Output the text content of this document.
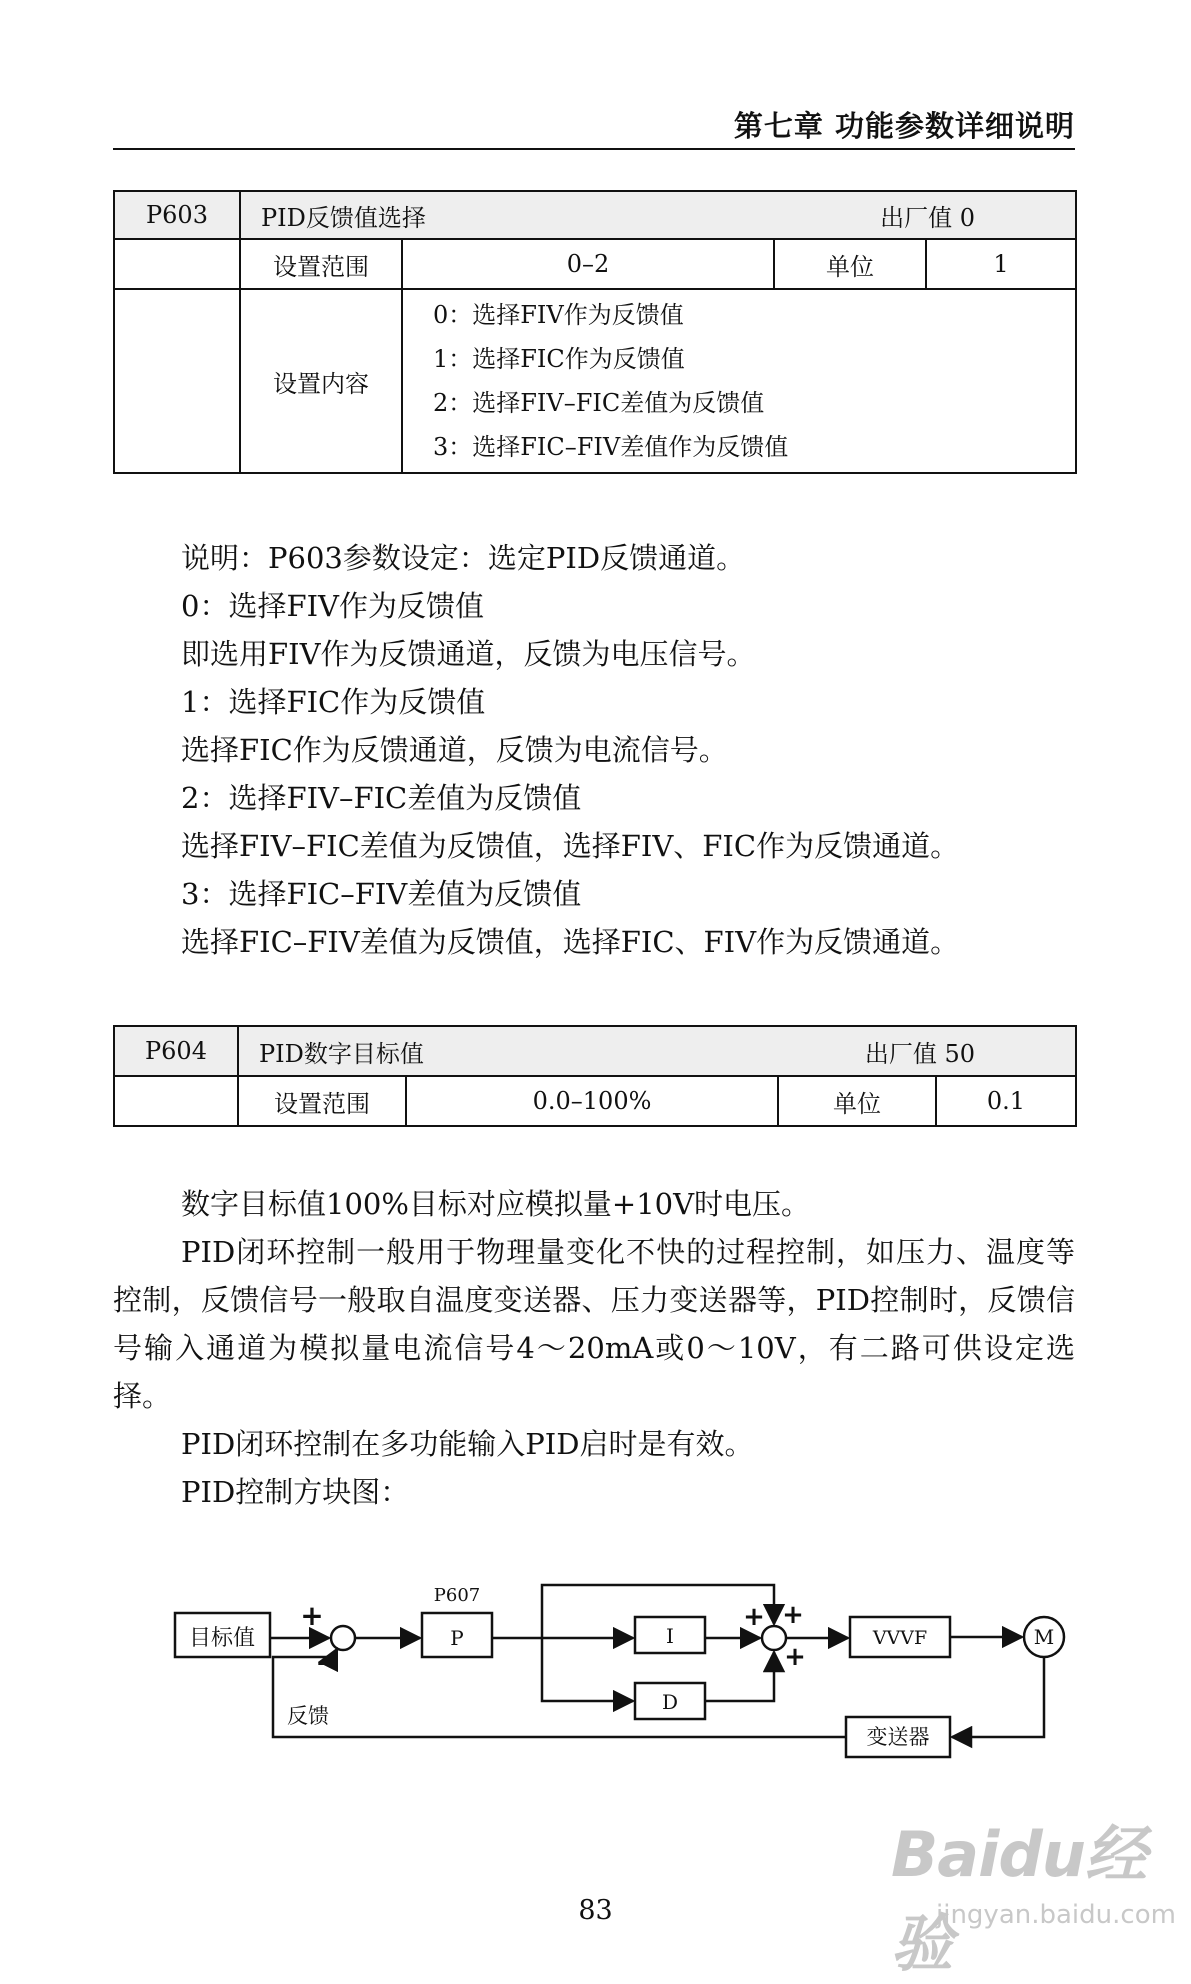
第七章 功能参数详细说明
P603	PID反馈值选择 出厂值 0			

	设置范围	0–2	单位	1
	设置内容	0：选择FIV作为反馈值
1：选择FIC作为反馈值
2：选择FIV–FIC差值为反馈值
3：选择FIC–FIV差值作为反馈值		

说明：P603参数设定：选定PID反馈通道。

0：选择FIV作为反馈值

即选用FIV作为反馈通道，反馈为电压信号。

1：选择FIC作为反馈值

选择FIC作为反馈通道，反馈为电流信号。

2：选择FIV–FIC差值为反馈值

选择FIV–FIC差值为反馈值，选择FIV、FIC作为反馈通道。

3：选择FIC–FIV差值为反馈值

选择FIC–FIV差值为反馈值，选择FIC、FIV作为反馈通道。

P604	PID数字目标值 出厂值 50			

	设置范围	0.0–100%	单位	0.1

数字目标值100%目标对应模拟量+10V时电压。

PID闭环控制一般用于物理量变化不快的过程控制，如压力、温度等控制，反馈信号一般取自温度变送器、压力变送器等，PID控制时，反馈信号输入通道为模拟量电流信号4～20mA或0～10V，有二路可供设定选择。

PID闭环控制在多功能输入PID启时是有效。

PID控制方块图：

目标值
+
–
P607
P	I
D
+ +
+
VVVF	M
反馈
变送器
83
Baidu经验
jingyan.baidu.com
